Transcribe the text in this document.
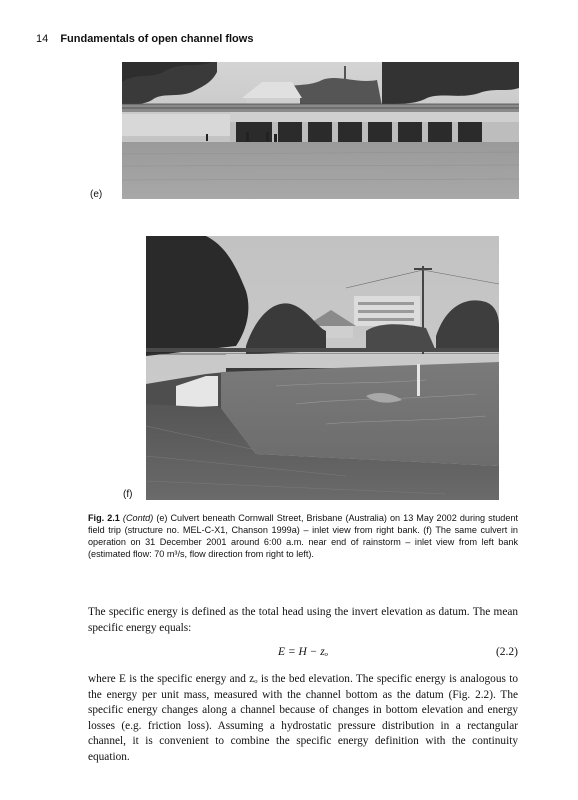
14 Fundamentals of open channel flows
(e)
(f)
Fig. 2.1 (Contd) (e) Culvert beneath Cornwall Street, Brisbane (Australia) on 13 May 2002 during student field trip (structure no. MEL-C-X1, Chanson 1999a) – inlet view from right bank. (f) The same culvert in operation on 31 December 2001 around 6:00 a.m. near end of rainstorm – inlet view from left bank (estimated flow: 70 m³/s, flow direction from right to left).

The specific energy is defined as the total head using the invert elevation as datum. The mean specific energy equals:

E = H − zₒ	(2.2)

where E is the specific energy and zₒ is the bed elevation. The specific energy is analogous to the energy per unit mass, measured with the channel bottom as the datum (Fig. 2.2). The specific energy changes along a channel because of changes in bottom elevation and energy losses (e.g. friction loss). Assuming a hydrostatic pressure distribution in a rectangular channel, it is convenient to combine the specific energy definition with the continuity equation.
